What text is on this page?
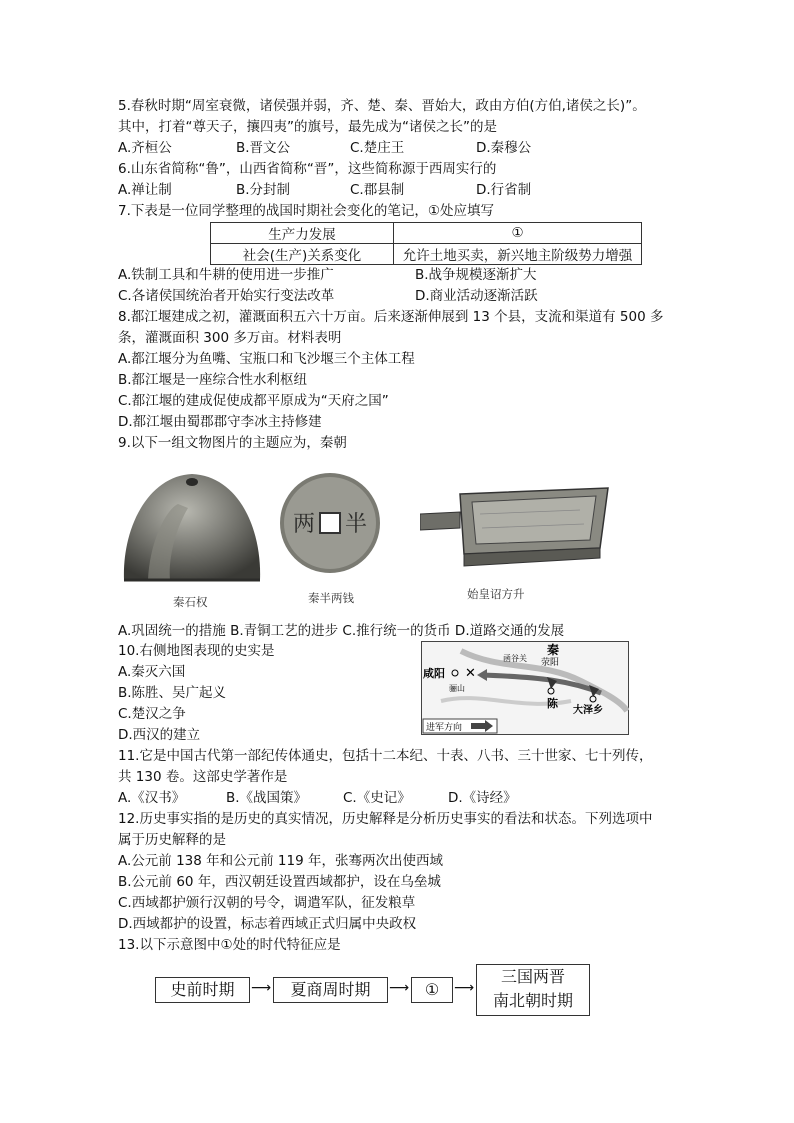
5.春秋时期“周室衰微，诸侯强并弱，齐、楚、秦、晋始大，政由方伯(方伯,诸侯之长)”。
其中，打着“尊天子，攘四夷”的旗号，最先成为“诸侯之长”的是
A.齐桓公	B.晋文公	C.楚庄王	D.秦穆公
6.山东省简称“鲁”，山西省简称“晋”，这些简称源于西周实行的
A.禅让制	B.分封制	C.郡县制	D.行省制
7.下表是一位同学整理的战国时期社会变化的笔记，①处应填写
生产力发展	①
社会(生产)关系变化	允许土地买卖，新兴地主阶级势力增强
A.铁制工具和牛耕的使用进一步推广	B.战争规模逐渐扩大
C.各诸侯国统治者开始实行变法改革	D.商业活动逐渐活跃
8.都江堰建成之初，灌溉面积五六十万亩。后来逐渐伸展到 13 个县，支流和渠道有 500 多
条，灌溉面积 300 多万亩。材料表明
A.都江堰分为鱼嘴、宝瓶口和飞沙堰三个主体工程
B.都江堰是一座综合性水利枢纽
C.都江堰的建成促使成都平原成为“天府之国”
D.都江堰由蜀郡郡守李冰主持修建
9.以下一组文物图片的主题应为，秦朝
秦石权
半
两
秦半两钱	始皇诏方升
A.巩固统一的措施 B.青铜工艺的进步 C.推行统一的货币 D.道路交通的发展
10.右侧地图表现的史实是
A.秦灭六国
B.陈胜、吴广起义
C.楚汉之争
D.西汉的建立
秦
咸阳 ✕
骊山
函谷关 荥阳
陈
大泽乡
进军方向
11.它是中国古代第一部纪传体通史，包括十二本纪、十表、八书、三十世家、七十列传，
共 130 卷。这部史学著作是
A.《汉书》	B.《战国策》	C.《史记》	D.《诗经》
12.历史事实指的是历史的真实情况，历史解释是分析历史事实的看法和状态。下列选项中
属于历史解释的是
A.公元前 138 年和公元前 119 年，张骞两次出使西域
B.公元前 60 年，西汉朝廷设置西域都护，设在乌垒城
C.西域都护颁行汉朝的号令，调遣军队，征发粮草
D.西域都护的设置，标志着西域正式归属中央政权
13.以下示意图中①处的时代特征应是
史前时期	⟶	夏商周时期	⟶ ①	⟶
三国两晋
南北朝时期
